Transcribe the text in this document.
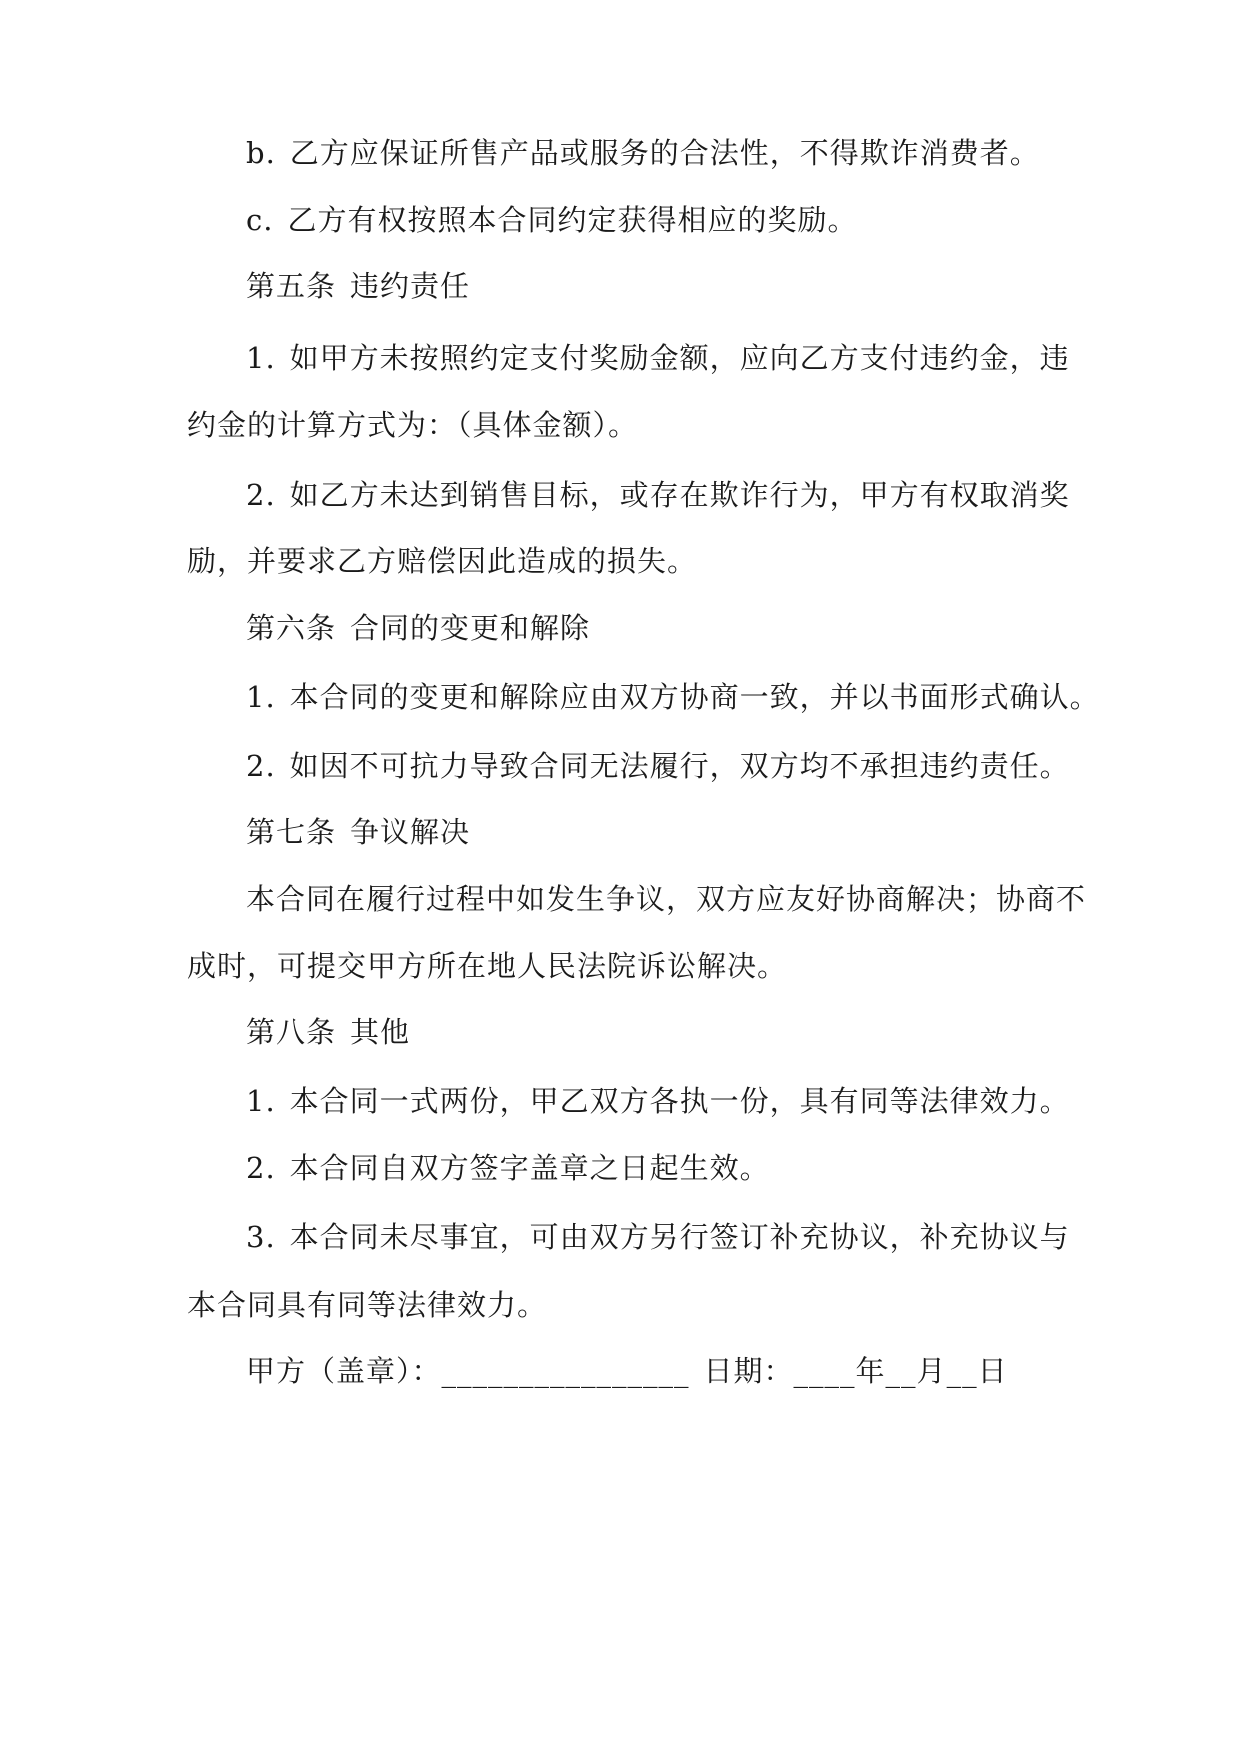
b. 乙方应保证所售产品或服务的合法性，不得欺诈消费者。
c. 乙方有权按照本合同约定获得相应的奖励。
第五条 违约责任
1. 如甲方未按照约定支付奖励金额，应向乙方支付违约金，违
约金的计算方式为：（具体金额）。
2. 如乙方未达到销售目标，或存在欺诈行为，甲方有权取消奖
励，并要求乙方赔偿因此造成的损失。
第六条 合同的变更和解除
1. 本合同的变更和解除应由双方协商一致，并以书面形式确认。
2. 如因不可抗力导致合同无法履行，双方均不承担违约责任。
第七条 争议解决
本合同在履行过程中如发生争议，双方应友好协商解决；协商不
成时，可提交甲方所在地人民法院诉讼解决。
第八条 其他
1. 本合同一式两份，甲乙双方各执一份，具有同等法律效力。
2. 本合同自双方签字盖章之日起生效。
3. 本合同未尽事宜，可由双方另行签订补充协议，补充协议与
本合同具有同等法律效力。
甲方（盖章）：________________ 日期：____年__月__日
